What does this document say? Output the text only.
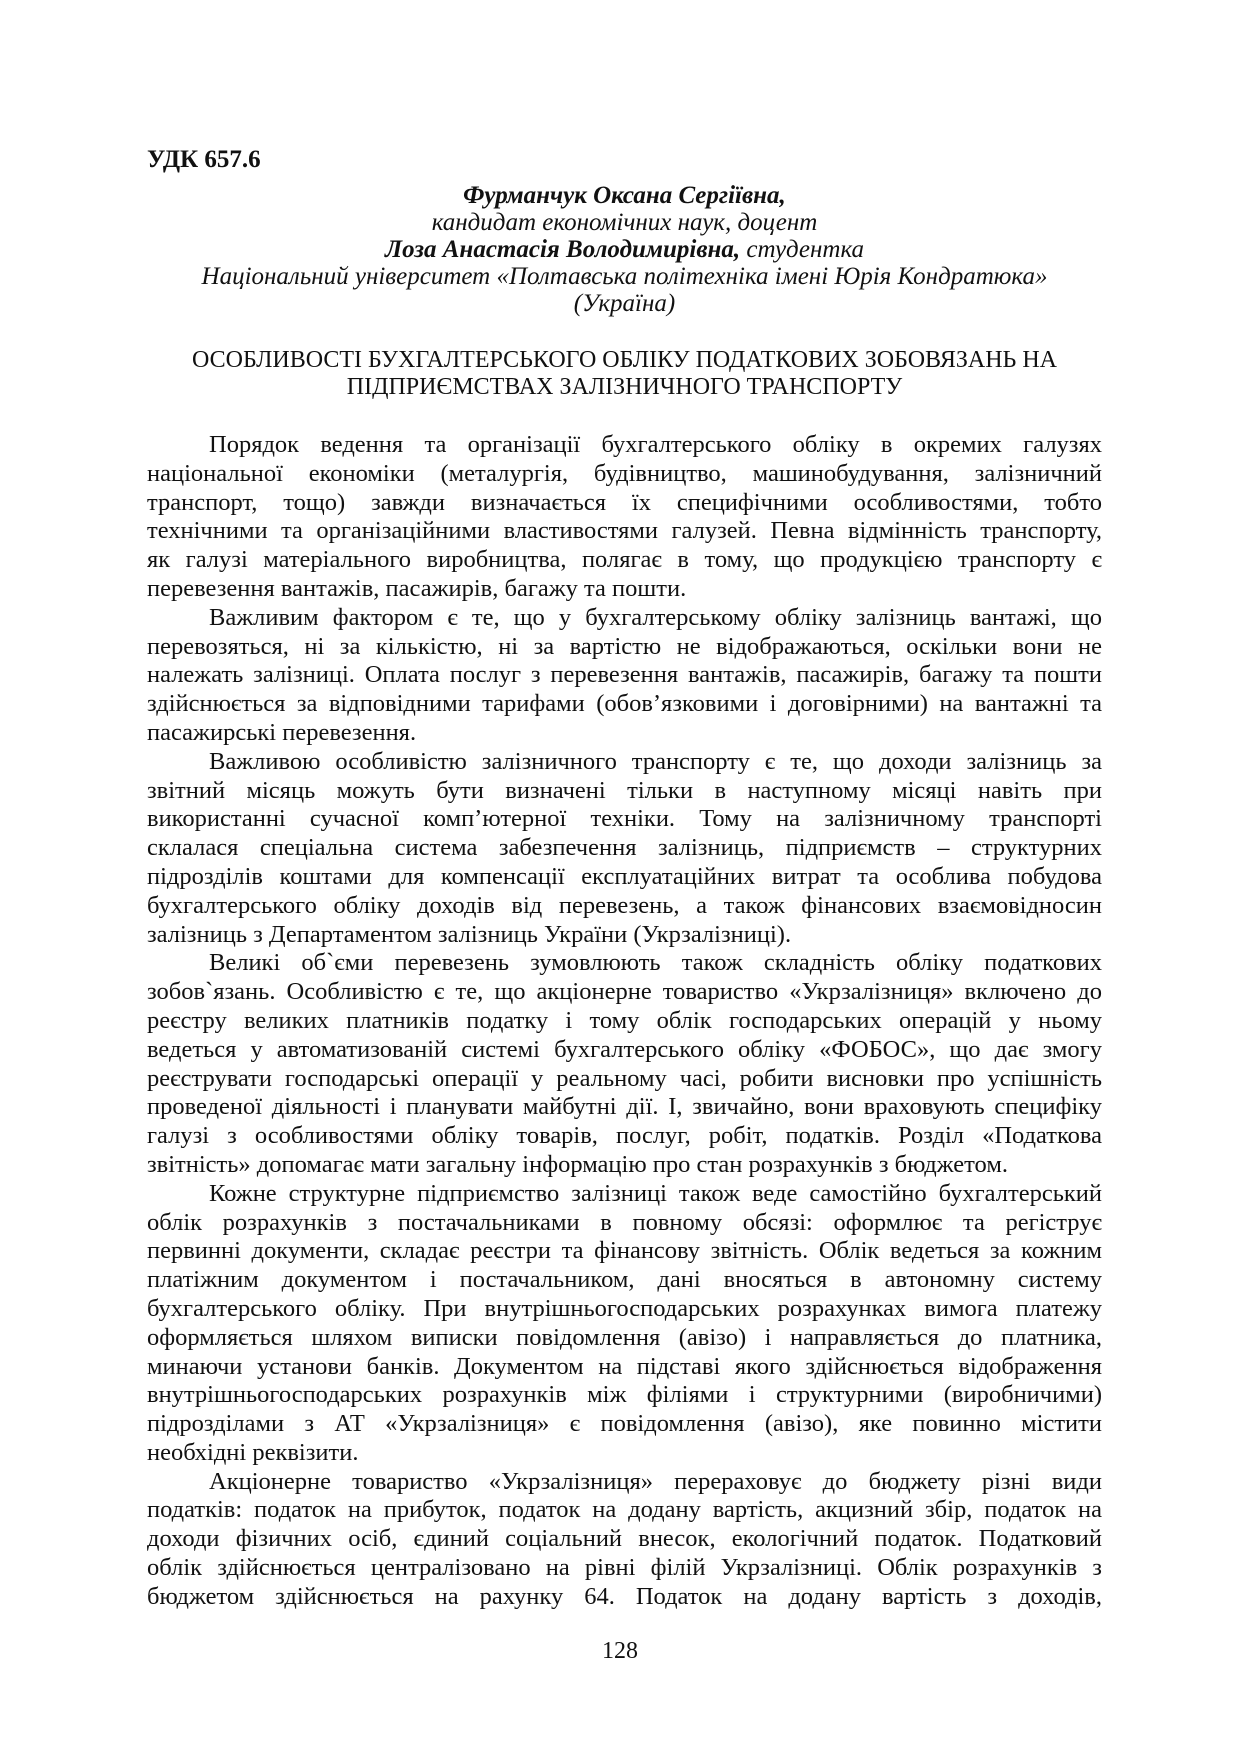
УДК 657.6
Фурманчук Оксана Сергіївна,
кандидат економічних наук, доцент
Лоза Анастасія Володимирівна, студентка
Національний університет «Полтавська політехніка імені Юрія Кондратюка»
(Україна)
ОСОБЛИВОСТІ БУХГАЛТЕРСЬКОГО ОБЛІКУ ПОДАТКОВИХ ЗОБОВЯЗАНЬ НА
ПІДПРИЄМСТВАХ ЗАЛІЗНИЧНОГО ТРАНСПОРТУ
Порядок ведення та організації бухгалтерського обліку в окремих галузях
національної економіки (металургія, будівництво, машинобудування, залізничний
транспорт, тощо) завжди визначається їх специфічними особливостями, тобто
технічними та організаційними властивостями галузей. Певна відмінність транспорту,
як галузі матеріального виробництва, полягає в тому, що продукцією транспорту є
перевезення вантажів, пасажирів, багажу та пошти.
Важливим фактором є те, що у бухгалтерському обліку залізниць вантажі, що
перевозяться, ні за кількістю, ні за вартістю не відображаються, оскільки вони не
належать залізниці. Оплата послуг з перевезення вантажів, пасажирів, багажу та пошти
здійснюється за відповідними тарифами (обов’язковими і договірними) на вантажні та
пасажирські перевезення.
Важливою особливістю залізничного транспорту є те, що доходи залізниць за
звітний місяць можуть бути визначені тільки в наступному місяці навіть при
використанні сучасної комп’ютерної техніки. Тому на залізничному транспорті
склалася спеціальна система забезпечення залізниць, підприємств – структурних
підрозділів коштами для компенсації експлуатаційних витрат та особлива побудова
бухгалтерського обліку доходів від перевезень, а також фінансових взаємовідносин
залізниць з Департаментом залізниць України (Укрзалізниці).
Великі об`єми перевезень зумовлюють також складність обліку податкових
зобов`язань. Особливістю є те, що акціонерне товариство «Укрзалізниця» включено до
реєстру великих платників податку і тому облік господарських операцій у ньому
ведеться у автоматизованій системі бухгалтерського обліку «ФОБОС», що дає змогу
реєструвати господарські операції у реальному часі, робити висновки про успішність
проведеної діяльності і планувати майбутні дії. І, звичайно, вони враховують специфіку
галузі з особливостями обліку товарів, послуг, робіт, податків. Розділ «Податкова
звітність» допомагає мати загальну інформацію про стан розрахунків з бюджетом.
Кожне структурне підприємство залізниці також веде самостійно бухгалтерський
облік розрахунків з постачальниками в повному обсязі: оформлює та регіструє
первинні документи, складає реєстри та фінансову звітність. Облік ведеться за кожним
платіжним документом і постачальником, дані вносяться в автономну систему
бухгалтерського обліку. При внутрішньогосподарських розрахунках вимога платежу
оформляється шляхом виписки повідомлення (авізо) і направляється до платника,
минаючи установи банків. Документом на підставі якого здійснюється відображення
внутрішньогосподарських розрахунків між філіями і структурними (виробничими)
підрозділами з АТ «Укрзалізниця» є повідомлення (авізо), яке повинно містити
необхідні реквізити.
Акціонерне товариство «Укрзалізниця» перераховує до бюджету різні види
податків: податок на прибуток, податок на додану вартість, акцизний збір, податок на
доходи фізичних осіб, єдиний соціальний внесок, екологічний податок. Податковий
облік здійснюється централізовано на рівні філій Укрзалізниці. Облік розрахунків з
бюджетом здійснюється на рахунку 64. Податок на додану вартість з доходів,
128
